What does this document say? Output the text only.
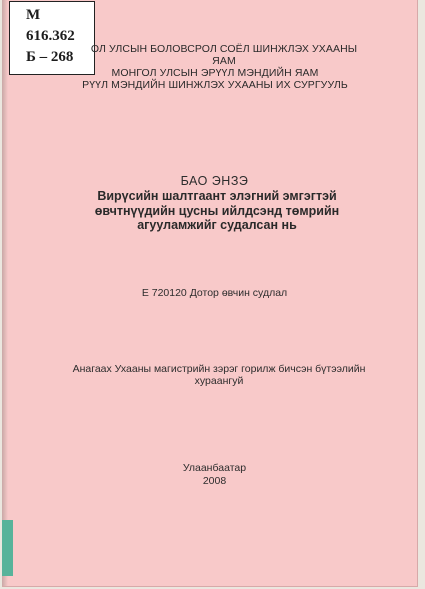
М
616.362
Б – 268	ОЛ УЛСЫН БОЛОВСРОЛ СОЁЛ ШИНЖЛЭХ УХААНЫ ЯАМ
МОНГОЛ УЛСЫН ЭРҮҮЛ МЭНДИЙН ЯАМ
РҮҮЛ МЭНДИЙН ШИНЖЛЭХ УХААНЫ ИХ СУРГУУЛЬ
БАО ЭНЗЭ
Вирүсийн шалтгаант элэгний эмгэгтэй
өвчтнүүдийн цусны ийлдсэнд төмрийн
агууламжийг судалсан нь
Е 720120 Дотор өвчин судлал
Анагаах Ухааны магистрийн зэрэг горилж бичсэн бүтээлийн
хураангуй
Улаанбаатар
2008
